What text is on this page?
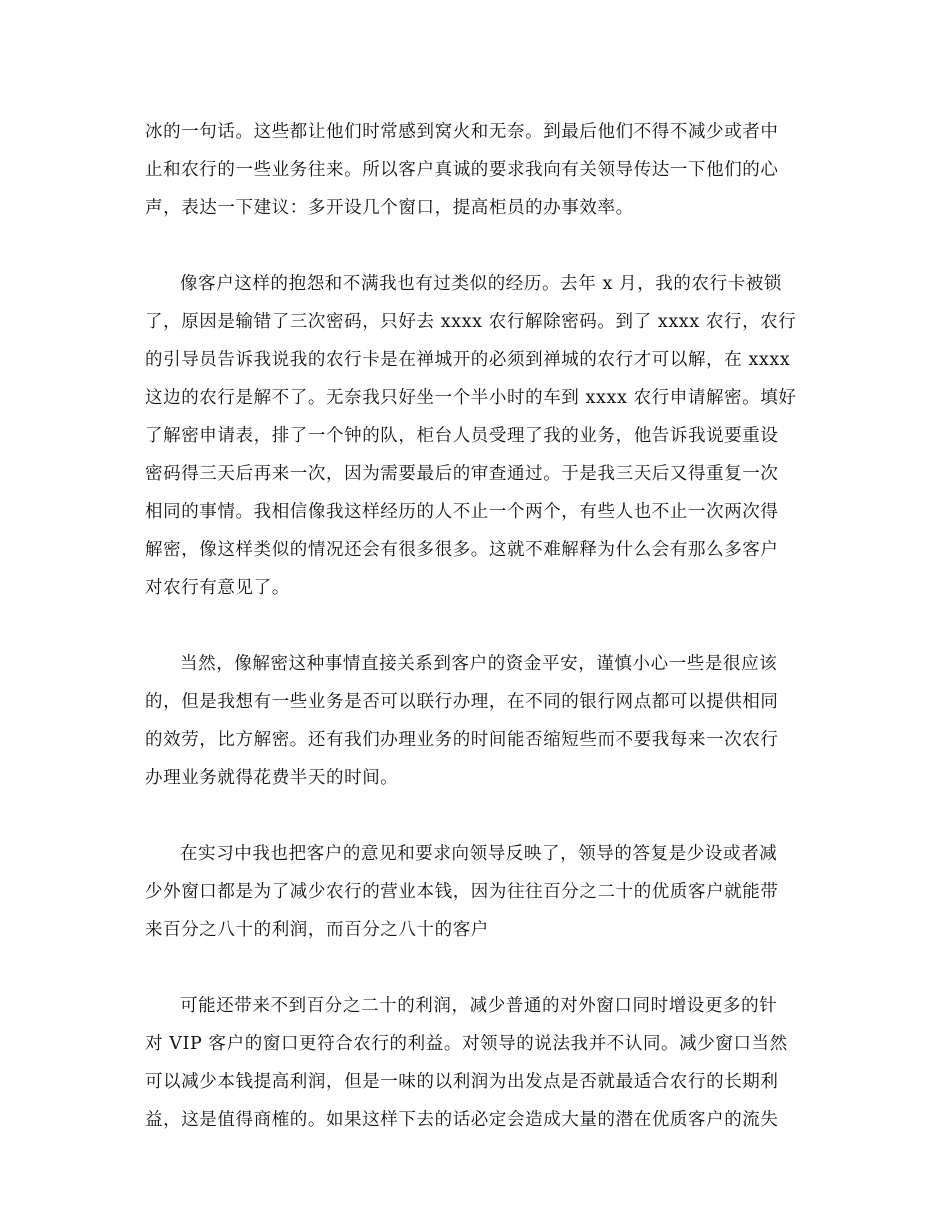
冰的一句话。这些都让他们时常感到窝火和无奈。到最后他们不得不减少或者中
止和农行的一些业务往来。所以客户真诚的要求我向有关领导传达一下他们的心
声，表达一下建议：多开设几个窗口，提高柜员的办事效率。

像客户这样的抱怨和不满我也有过类似的经历。去年 x 月，我的农行卡被锁
了，原因是输错了三次密码，只好去 xxxx 农行解除密码。到了 xxxx 农行，农行
的引导员告诉我说我的农行卡是在禅城开的必须到禅城的农行才可以解，在 xxxx
这边的农行是解不了。无奈我只好坐一个半小时的车到 xxxx 农行申请解密。填好
了解密申请表，排了一个钟的队，柜台人员受理了我的业务，他告诉我说要重设
密码得三天后再来一次，因为需要最后的审查通过。于是我三天后又得重复一次
相同的事情。我相信像我这样经历的人不止一个两个，有些人也不止一次两次得
解密，像这样类似的情况还会有很多很多。这就不难解释为什么会有那么多客户
对农行有意见了。

当然，像解密这种事情直接关系到客户的资金平安，谨慎小心一些是很应该
的，但是我想有一些业务是否可以联行办理，在不同的银行网点都可以提供相同
的效劳，比方解密。还有我们办理业务的时间能否缩短些而不要我每来一次农行
办理业务就得花费半天的时间。

在实习中我也把客户的意见和要求向领导反映了，领导的答复是少设或者减
少外窗口都是为了减少农行的营业本钱，因为往往百分之二十的优质客户就能带
来百分之八十的利润，而百分之八十的客户

可能还带来不到百分之二十的利润，减少普通的对外窗口同时增设更多的针
对 VIP 客户的窗口更符合农行的利益。对领导的说法我并不认同。减少窗口当然
可以减少本钱提高利润，但是一味的以利润为出发点是否就最适合农行的长期利
益，这是值得商榷的。如果这样下去的话必定会造成大量的潜在优质客户的流失
